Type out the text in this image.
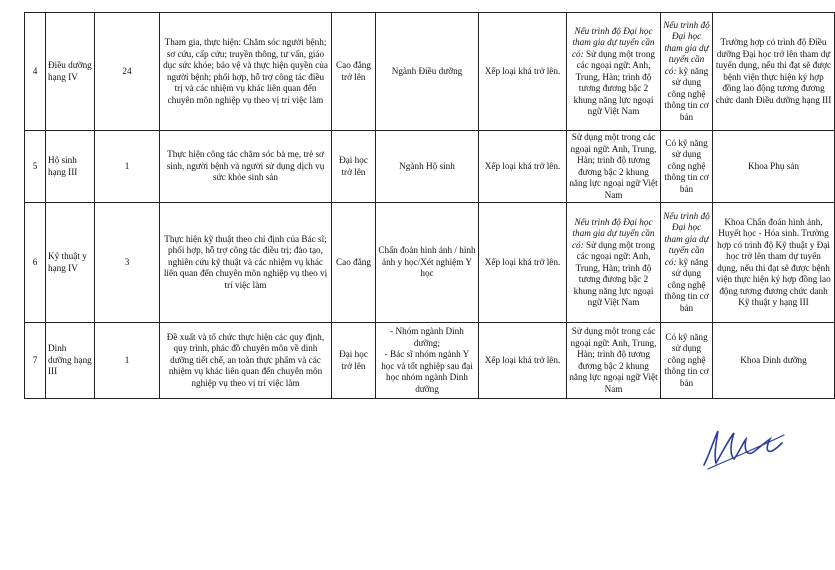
4	Điều dưỡng hạng IV	24	Tham gia, thực hiện: Chăm sóc người bệnh; sơ cứu, cấp cứu; truyền thông, tư vấn, giáo dục sức khỏe; bảo vệ và thực hiện quyền của người bệnh; phối hợp, hỗ trợ công tác điều trị và các nhiệm vụ khác liên quan đến chuyên môn nghiệp vụ theo vị trí việc làm	Cao đẳng trở lên	Ngành Điều dưỡng	Xếp loại khá trở lên.	Nếu trình độ Đại học tham gia dự tuyển cần có: Sử dụng một trong các ngoại ngữ: Anh, Trung, Hàn; trình độ tương đương bậc 2 khung năng lực ngoại ngữ Việt Nam	Nếu trình độ Đại học tham gia dự tuyển cần có: kỹ năng sử dụng công nghệ thông tin cơ bản	Trường hợp có trình độ Điều dưỡng Đại học trở lên tham dự tuyển dụng, nếu thi đạt sẽ được bệnh viện thực hiện ký hợp đồng lao động tương đương chức danh Điều dưỡng hạng III
5	Hộ sinh hạng III	1	Thực hiện công tác chăm sóc bà mẹ, trẻ sơ sinh, người bệnh và người sử dụng dịch vụ sức khỏe sinh sản	Đại học trở lên	Ngành Hộ sinh	Xếp loại khá trở lên.	Sử dụng một trong các ngoại ngữ: Anh, Trung, Hàn; trình độ tương đương bậc 2 khung năng lực ngoại ngữ Việt Nam	Có kỹ năng sử dụng công nghệ thông tin cơ bản	Khoa Phụ sản
6	Kỹ thuật y hạng IV	3	Thực hiện kỹ thuật theo chỉ định của Bác sĩ; phối hợp, hỗ trợ công tác điều trị; đào tạo, nghiên cứu kỹ thuật và các nhiệm vụ khác liên quan đến chuyên môn nghiệp vụ theo vị trí việc làm	Cao đẳng	Chẩn đoán hình ảnh / hình ảnh y học/Xét nghiệm Y học	Xếp loại khá trở lên.	Nếu trình độ Đại học tham gia dự tuyển cần có: Sử dụng một trong các ngoại ngữ: Anh, Trung, Hàn; trình độ tương đương bậc 2 khung năng lực ngoại ngữ Việt Nam	Nếu trình độ Đại học tham gia dự tuyển cần có: kỹ năng sử dụng công nghệ thông tin cơ bản	Khoa Chẩn đoán hình ảnh, Huyết học - Hóa sinh. Trường hợp có trình độ Kỹ thuật y Đại học trở lên tham dự tuyển dụng, nếu thi đạt sẽ được bệnh viện thực hiện ký hợp đồng lao động tương đương chức danh Kỹ thuật y hạng III
7	Dinh dưỡng hạng III	1	Đề xuất và tổ chức thực hiện các quy định, quy trình, phác đồ chuyên môn về dinh dưỡng tiết chế, an toàn thực phẩm và các nhiệm vụ khác liên quan đến chuyên môn nghiệp vụ theo vị trí việc làm	Đại học trở lên	- Nhóm ngành Dinh dưỡng;
- Bác sĩ nhóm ngành Y học và tốt nghiệp sau đại học nhóm ngành Dinh dưỡng	Xếp loại khá trở lên.	Sử dụng một trong các ngoại ngữ: Anh, Trung, Hàn; trình độ tương đương bậc 2 khung năng lực ngoại ngữ Việt Nam	Có kỹ năng sử dụng công nghệ thông tin cơ bản	Khoa Dinh dưỡng
